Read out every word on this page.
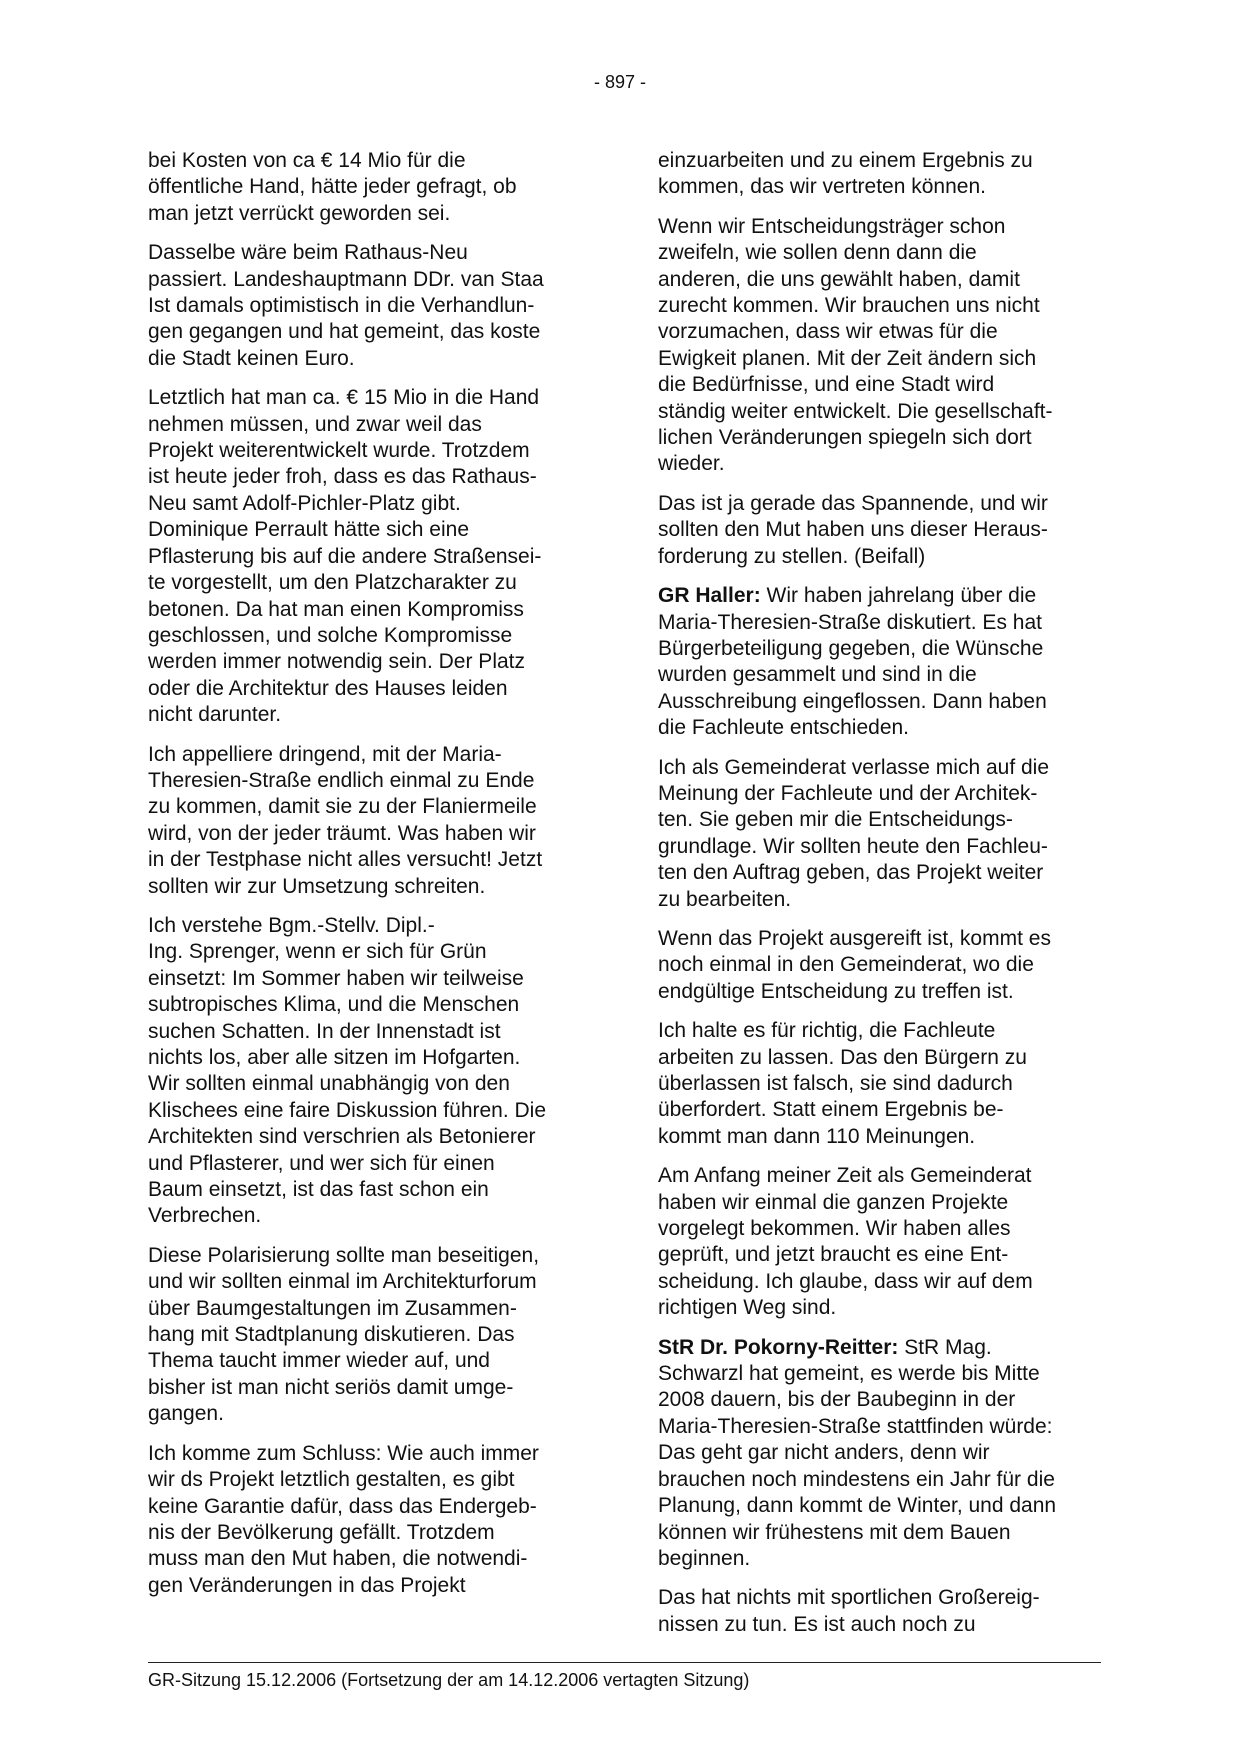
- 897 -

bei Kosten von ca € 14 Mio für die
öffentliche Hand, hätte jeder gefragt, ob
man jetzt verrückt geworden sei.

Dasselbe wäre beim Rathaus-Neu
passiert. Landeshauptmann DDr. van Staa
Ist damals optimistisch in die Verhandlun-
gen gegangen und hat gemeint, das koste
die Stadt keinen Euro.

Letztlich hat man ca. € 15 Mio in die Hand
nehmen müssen, und zwar weil das
Projekt weiterentwickelt wurde. Trotzdem
ist heute jeder froh, dass es das Rathaus-
Neu samt Adolf-Pichler-Platz gibt.
Dominique Perrault hätte sich eine
Pflasterung bis auf die andere Straßensei-
te vorgestellt, um den Platzcharakter zu
betonen. Da hat man einen Kompromiss
geschlossen, und solche Kompromisse
werden immer notwendig sein. Der Platz
oder die Architektur des Hauses leiden
nicht darunter.

Ich appelliere dringend, mit der Maria-
Theresien-Straße endlich einmal zu Ende
zu kommen, damit sie zu der Flaniermeile
wird, von der jeder träumt. Was haben wir
in der Testphase nicht alles versucht! Jetzt
sollten wir zur Umsetzung schreiten.

Ich verstehe Bgm.-Stellv. Dipl.-
Ing. Sprenger, wenn er sich für Grün
einsetzt: Im Sommer haben wir teilweise
subtropisches Klima, und die Menschen
suchen Schatten. In der Innenstadt ist
nichts los, aber alle sitzen im Hofgarten.
Wir sollten einmal unabhängig von den
Klischees eine faire Diskussion führen. Die
Architekten sind verschrien als Betonierer
und Pflasterer, und wer sich für einen
Baum einsetzt, ist das fast schon ein
Verbrechen.

Diese Polarisierung sollte man beseitigen,
und wir sollten einmal im Architekturforum
über Baumgestaltungen im Zusammen-
hang mit Stadtplanung diskutieren. Das
Thema taucht immer wieder auf, und
bisher ist man nicht seriös damit umge-
gangen.

Ich komme zum Schluss: Wie auch immer
wir ds Projekt letztlich gestalten, es gibt
keine Garantie dafür, dass das Endergeb-
nis der Bevölkerung gefällt. Trotzdem
muss man den Mut haben, die notwendi-
gen Veränderungen in das Projekt

einzuarbeiten und zu einem Ergebnis zu
kommen, das wir vertreten können.

Wenn wir Entscheidungsträger schon
zweifeln, wie sollen denn dann die
anderen, die uns gewählt haben, damit
zurecht kommen. Wir brauchen uns nicht
vorzumachen, dass wir etwas für die
Ewigkeit planen. Mit der Zeit ändern sich
die Bedürfnisse, und eine Stadt wird
ständig weiter entwickelt. Die gesellschaft-
lichen Veränderungen spiegeln sich dort
wieder.

Das ist ja gerade das Spannende, und wir
sollten den Mut haben uns dieser Heraus-
forderung zu stellen. (Beifall)

GR Haller: Wir haben jahrelang über die
Maria-Theresien-Straße diskutiert. Es hat
Bürgerbeteiligung gegeben, die Wünsche
wurden gesammelt und sind in die
Ausschreibung eingeflossen. Dann haben
die Fachleute entschieden.

Ich als Gemeinderat verlasse mich auf die
Meinung der Fachleute und der Architek-
ten. Sie geben mir die Entscheidungs-
grundlage. Wir sollten heute den Fachleu-
ten den Auftrag geben, das Projekt weiter
zu bearbeiten.

Wenn das Projekt ausgereift ist, kommt es
noch einmal in den Gemeinderat, wo die
endgültige Entscheidung zu treffen ist.

Ich halte es für richtig, die Fachleute
arbeiten zu lassen. Das den Bürgern zu
überlassen ist falsch, sie sind dadurch
überfordert. Statt einem Ergebnis be-
kommt man dann 110 Meinungen.

Am Anfang meiner Zeit als Gemeinderat
haben wir einmal die ganzen Projekte
vorgelegt bekommen. Wir haben alles
geprüft, und jetzt braucht es eine Ent-
scheidung. Ich glaube, dass wir auf dem
richtigen Weg sind.

StR Dr. Pokorny-Reitter: StR Mag.
Schwarzl hat gemeint, es werde bis Mitte
2008 dauern, bis der Baubeginn in der
Maria-Theresien-Straße stattfinden würde:
Das geht gar nicht anders, denn wir
brauchen noch mindestens ein Jahr für die
Planung, dann kommt de Winter, und dann
können wir frühestens mit dem Bauen
beginnen.

Das hat nichts mit sportlichen Großereig-
nissen zu tun. Es ist auch noch zu

GR-Sitzung 15.12.2006 (Fortsetzung der am 14.12.2006 vertagten Sitzung)
